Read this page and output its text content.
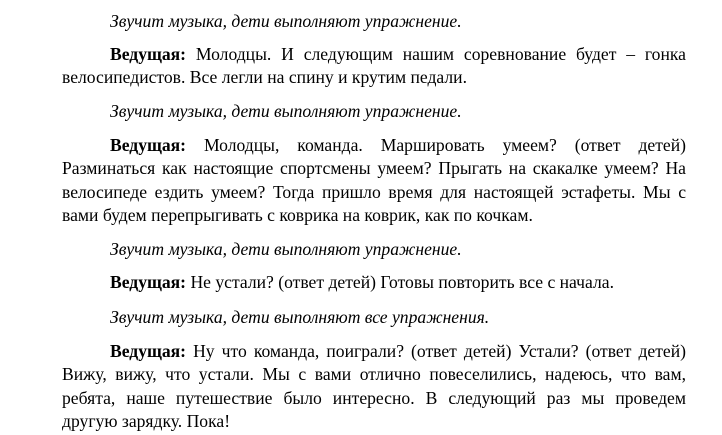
Звучит музыка, дети выполняют упражнение.

Ведущая: Молодцы. И следующим нашим соревнование будет – гонка велосипедистов. Все легли на спину и крутим педали.

Звучит музыка, дети выполняют упражнение.

Ведущая: Молодцы, команда. Маршировать умеем? (ответ детей) Разминаться как настоящие спортсмены умеем? Прыгать на скакалке умеем? На велосипеде ездить умеем? Тогда пришло время для настоящей эстафеты. Мы с вами будем перепрыгивать с коврика на коврик, как по кочкам.

Звучит музыка, дети выполняют упражнение.

Ведущая: Не устали? (ответ детей) Готовы повторить все с начала.

Звучит музыка, дети выполняют все упражнения.

Ведущая: Ну что команда, поиграли? (ответ детей) Устали? (ответ детей) Вижу, вижу, что устали. Мы с вами отлично повеселились, надеюсь, что вам, ребята, наше путешествие было интересно. В следующий раз мы проведем другую зарядку. Пока!
